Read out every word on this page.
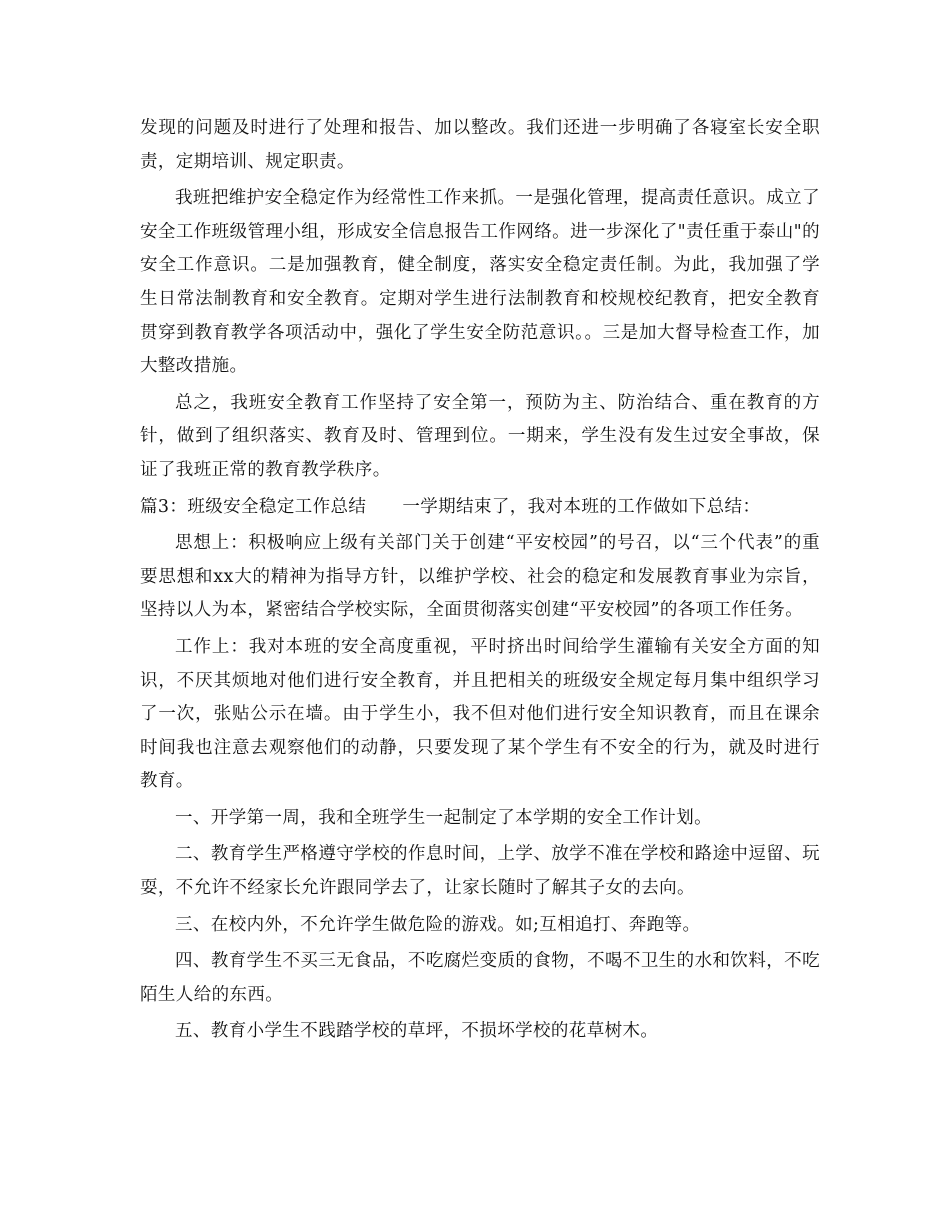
发现的问题及时进行了处理和报告、加以整改。我们还进一步明确了各寝室长安全职责，定期培训、规定职责。

我班把维护安全稳定作为经常性工作来抓。一是强化管理，提高责任意识。成立了安全工作班级管理小组，形成安全信息报告工作网络。进一步深化了"责任重于泰山"的安全工作意识。二是加强教育，健全制度，落实安全稳定责任制。为此，我加强了学生日常法制教育和安全教育。定期对学生进行法制教育和校规校纪教育，把安全教育贯穿到教育教学各项活动中，强化了学生安全防范意识。。三是加大督导检查工作，加大整改措施。

总之，我班安全教育工作坚持了安全第一，预防为主、防治结合、重在教育的方针，做到了组织落实、教育及时、管理到位。一期来，学生没有发生过安全事故，保证了我班正常的教育教学秩序。

篇3：班级安全稳定工作总结 一学期结束了，我对本班的工作做如下总结：

思想上：积极响应上级有关部门关于创建“平安校园”的号召，以“三个代表”的重要思想和xx大的精神为指导方针，以维护学校、社会的稳定和发展教育事业为宗旨，坚持以人为本，紧密结合学校实际，全面贯彻落实创建“平安校园”的各项工作任务。

工作上：我对本班的安全高度重视，平时挤出时间给学生灌输有关安全方面的知识，不厌其烦地对他们进行安全教育，并且把相关的班级安全规定每月集中组织学习了一次，张贴公示在墙。由于学生小，我不但对他们进行安全知识教育，而且在课余时间我也注意去观察他们的动静，只要发现了某个学生有不安全的行为，就及时进行教育。

一、开学第一周，我和全班学生一起制定了本学期的安全工作计划。

二、教育学生严格遵守学校的作息时间，上学、放学不准在学校和路途中逗留、玩耍，不允许不经家长允许跟同学去了，让家长随时了解其子女的去向。

三、在校内外，不允许学生做危险的游戏。如;互相追打、奔跑等。

四、教育学生不买三无食品，不吃腐烂变质的食物，不喝不卫生的水和饮料，不吃陌生人给的东西。

五、教育小学生不践踏学校的草坪，不损坏学校的花草树木。
